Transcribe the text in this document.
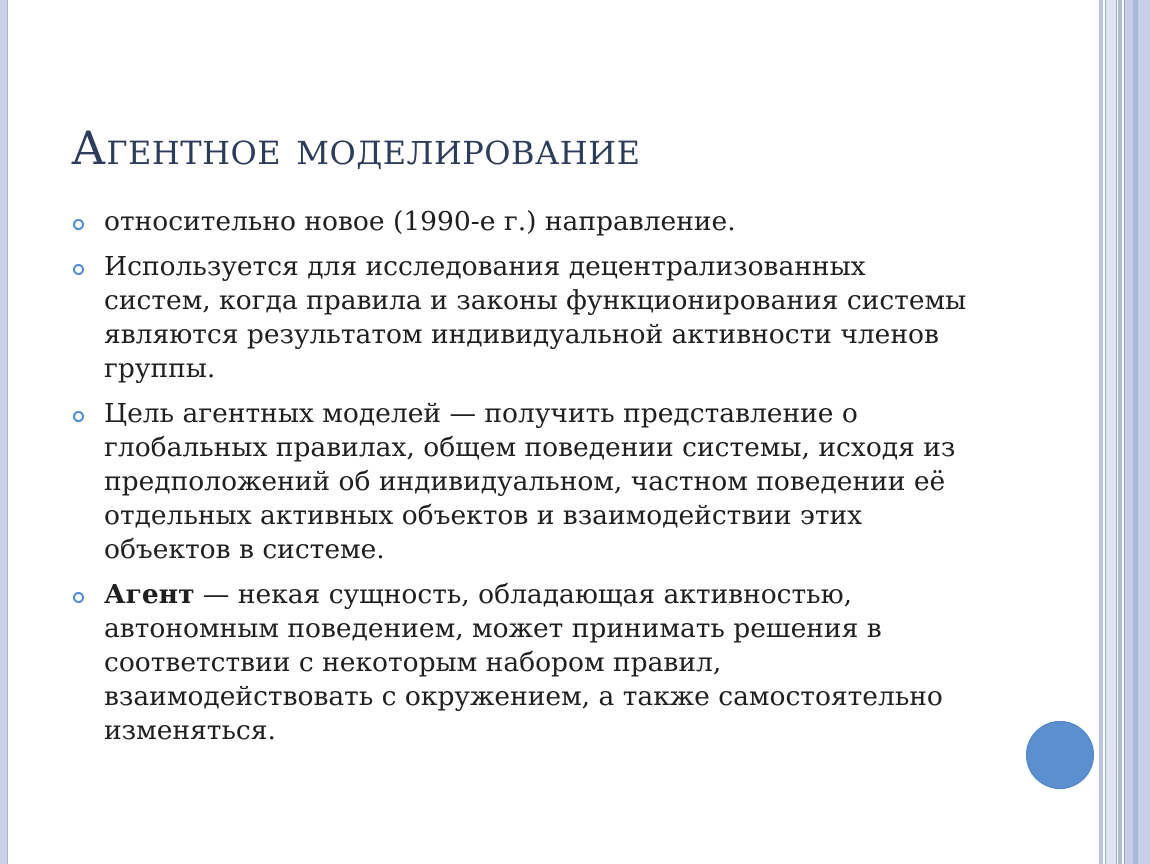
Агентное моделирование
относительно новое (1990-е г.) направление.
Используется для исследования децентрализованных систем, когда правила и законы функционирования системы являются результатом индивидуальной активности членов группы.
Цель агентных моделей — получить представление о глобальных правилах, общем поведении системы, исходя из предположений об индивидуальном, частном поведении её отдельных активных объектов и взаимодействии этих объектов в системе.
Агент — некая сущность, обладающая активностью, автономным поведением, может принимать решения в соответствии с некоторым набором правил, взаимодействовать с окружением, а также самостоятельно изменяться.
